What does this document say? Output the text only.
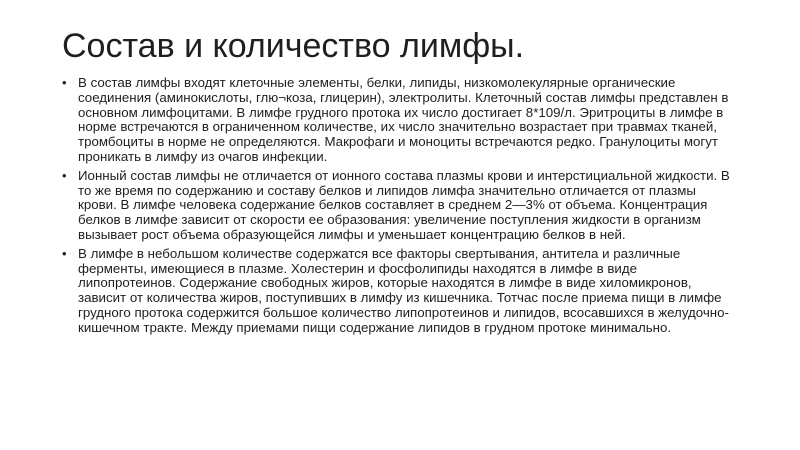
Состав и количество лимфы.
• В состав лимфы входят клеточные элементы, белки, липиды, низкомолекулярные органические соединения (аминокислоты, глю¬коза, глицерин), электролиты. Клеточный состав лимфы представлен в основном лимфоцитами. В лимфе грудного протока их число достигает 8*109/л. Эритроциты в лимфе в норме встречаются в ограниченном количестве, их число значительно возрастает при травмах тканей, тромбоциты в норме не определяются. Макрофаги и моноциты встречаются редко. Гранулоциты могут проникать в лимфу из очагов инфекции.
• Ионный состав лимфы не отличается от ионного состава плазмы крови и интерстициальной жидкости. В то же время по содержанию и составу белков и липидов лимфа значительно отличается от плазмы крови. В лимфе человека содержание белков составляет в среднем 2—3% от объема. Концентрация белков в лимфе зависит от скорости ее образования: увеличение поступления жидкости в организм вызывает рост объема образующейся лимфы и уменьшает концентрацию белков в ней.
• В лимфе в небольшом количестве содержатся все факторы свертывания, антитела и различные ферменты, имеющиеся в плазме. Холестерин и фосфолипиды находятся в лимфе в виде липопротеинов. Содержание свободных жиров, которые находятся в лимфе в виде хиломикронов, зависит от количества жиров, поступивших в лимфу из кишечника. Тотчас после приема пищи в лимфе грудного протока содержится большое количество липопротеинов и липидов, всосавшихся в желудочно-кишечном тракте. Между приемами пищи содержание липидов в грудном протоке минимально.
